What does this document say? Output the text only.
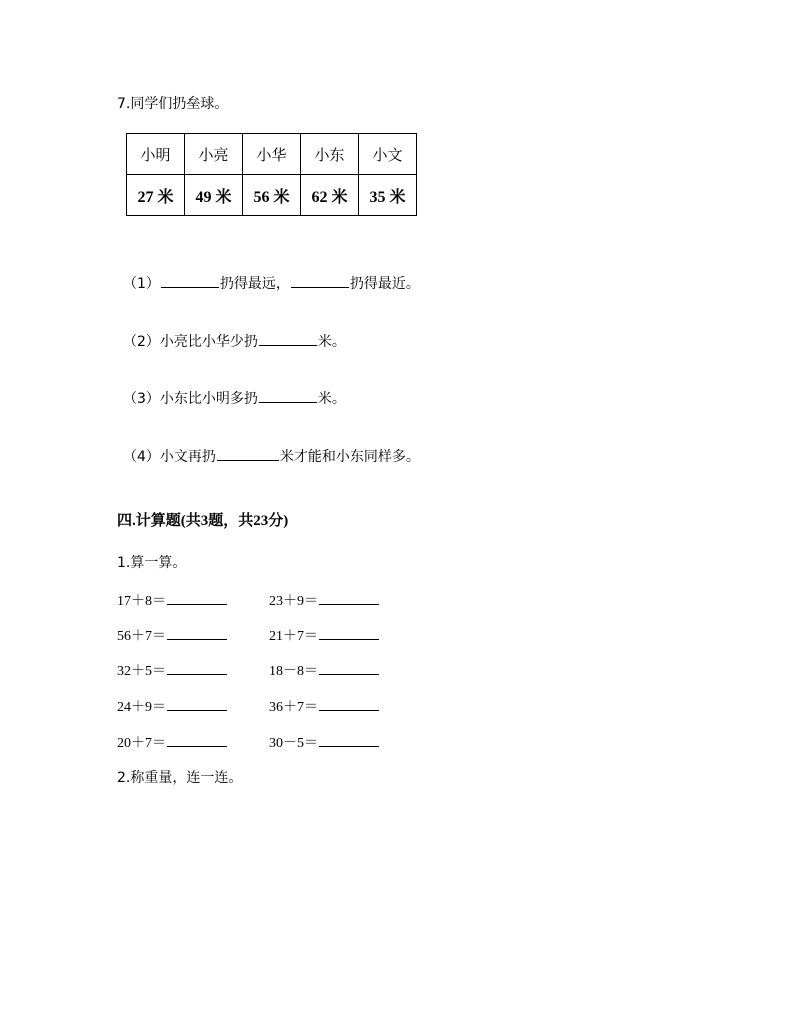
7.同学们扔垒球。
小明	小亮	小华	小东	小文
27 米	49 米	56 米	62 米	35 米
（1）	扔得最远，	扔得最近。
（2）小亮比小华少扔	米。
（3）小东比小明多扔	米。
（4）小文再扔	米才能和小东同样多。
四.计算题(共3题，共23分)
1.算一算。
17＋8＝	23＋9＝
56＋7＝	21＋7＝
32＋5＝	18－8＝
24＋9＝	36＋7＝
20＋7＝	30－5＝
2.称重量，连一连。
